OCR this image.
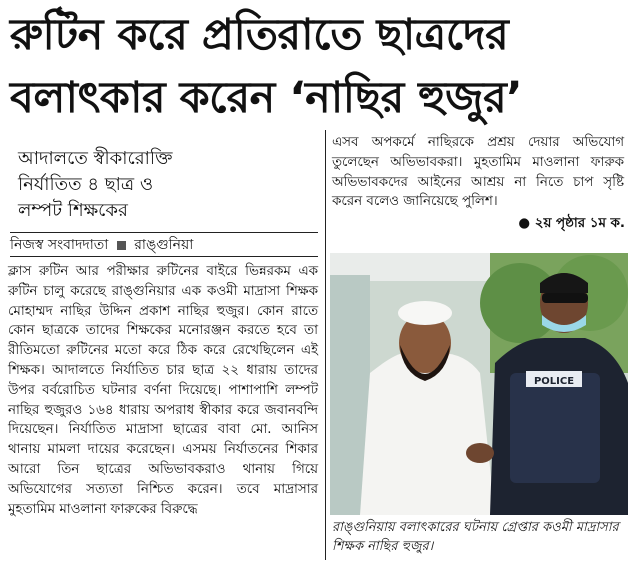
রুটিন করে প্রতিরাতে ছাত্রদের
বলাৎকার করেন ‘নাছির হুজুর’
আদালতে স্বীকারোক্তি
নির্যাতিত ৪ ছাত্র ও
লম্পট শিক্ষকের
নিজস্ব সংবাদদাতা রাঙ্গুনিয়া
ক্লাস রুটিন আর পরীক্ষার রুটিনের বাইরে ভিন্নরকম এক রুটিন চালু করেছে রাঙ্গুনিয়ার এক কওমী মাদ্রাসা শিক্ষক মোহাম্মদ নাছির উদ্দিন প্রকাশ নাছির হুজুর। কোন রাতে কোন ছাত্রকে তাদের শিক্ষকের মনোরঞ্জন করতে হবে তা রীতিমতো রুটিনের মতো করে ঠিক করে রেখেছিলেন এই শিক্ষক। আদালতে নির্যাতিত চার ছাত্র ২২ ধারায় তাদের উপর বর্বরোচিত ঘটনার বর্ণনা দিয়েছে। পাশাপাশি লম্পট নাছির হুজুরও ১৬৪ ধারায় অপরাধ স্বীকার করে জবানবন্দি দিয়েছেন। নির্যাতিত মাদ্রাসা ছাত্রের বাবা মো. আনিস থানায় মামলা দায়ের করেছেন। এসময় নির্যাতনের শিকার আরো তিন ছাত্রের অভিভাবকরাও থানায় গিয়ে অভিযোগের সত্যতা নিশ্চিত করেন। তবে মাদ্রাসার মুহতামিম মাওলানা ফারুকের বিরুদ্ধে
এসব অপকর্মে নাছিরকে প্রশ্রয় দেয়ার অভিযোগ তুলেছেন অভিভাবকরা। মুহতামিম মাওলানা ফারুক অভিভাবকদের আইনের আশ্রয় না নিতে চাপ সৃষ্টি করেন বলেও জানিয়েছে পুলিশ।
● ২য় পৃষ্ঠার ১ম ক.
POLICE
রাঙ্গুনিয়ায় বলাৎকারের ঘটনায় গ্রেপ্তার কওমী মাদ্রাসার শিক্ষক নাছির হুজুর।
